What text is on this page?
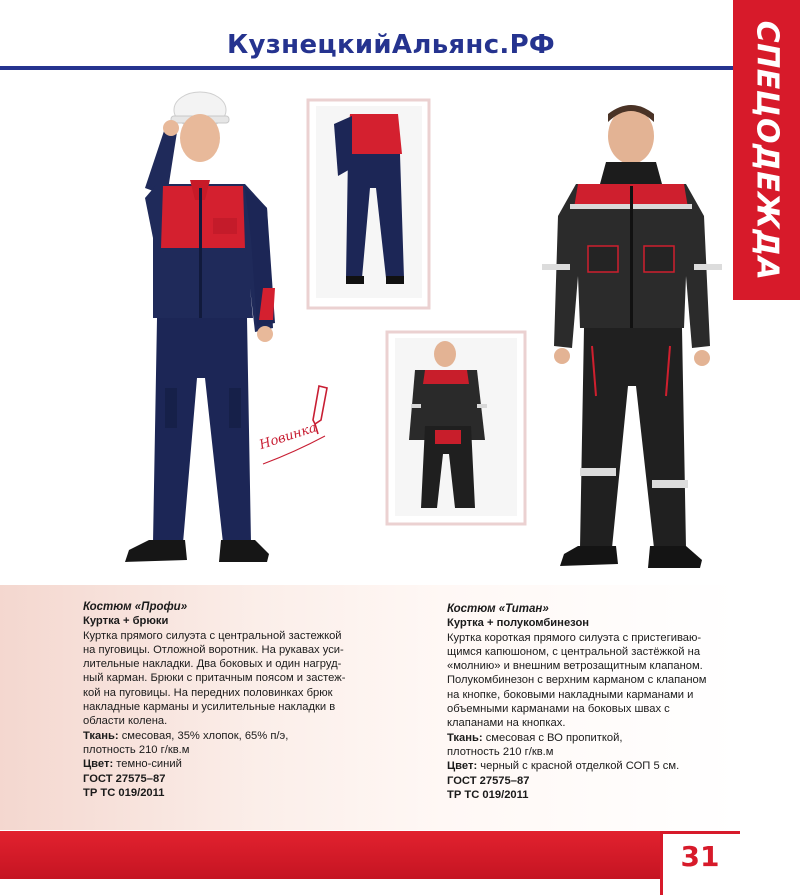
КузнецкийАльянс.РФ	СПЕЦОДЕЖДА
Новинка
Костюм «Профи»
Куртка + брюки
Куртка прямого силуэта с центральной застежкой
на пуговицы. Отложной воротник. На рукавах уси-
лительные накладки. Два боковых и один нагруд-
ный карман. Брюки с притачным поясом и застеж-
кой на пуговицы. На передних половинках брюк
накладные карманы и усилительные накладки в
области колена.
Ткань: смесовая, 35% хлопок, 65% п/э,
плотность 210 г/кв.м
Цвет: темно-синий
ГОСТ 27575–87
ТР ТС 019/2011
Костюм «Титан»
Куртка + полукомбинезон
Куртка короткая прямого силуэта с пристегиваю-
щимся капюшоном, с центральной застёжкой на
«молнию» и внешним ветрозащитным клапаном.
Полукомбинезон с верхним карманом с клапаном
на кнопке, боковыми накладными карманами и
объемными карманами на боковых швах с
клапанами на кнопках.
Ткань: смесовая с ВО пропиткой,
плотность 210 г/кв.м
Цвет: черный с красной отделкой СОП 5 см.
ГОСТ 27575–87
ТР ТС 019/2011
31
